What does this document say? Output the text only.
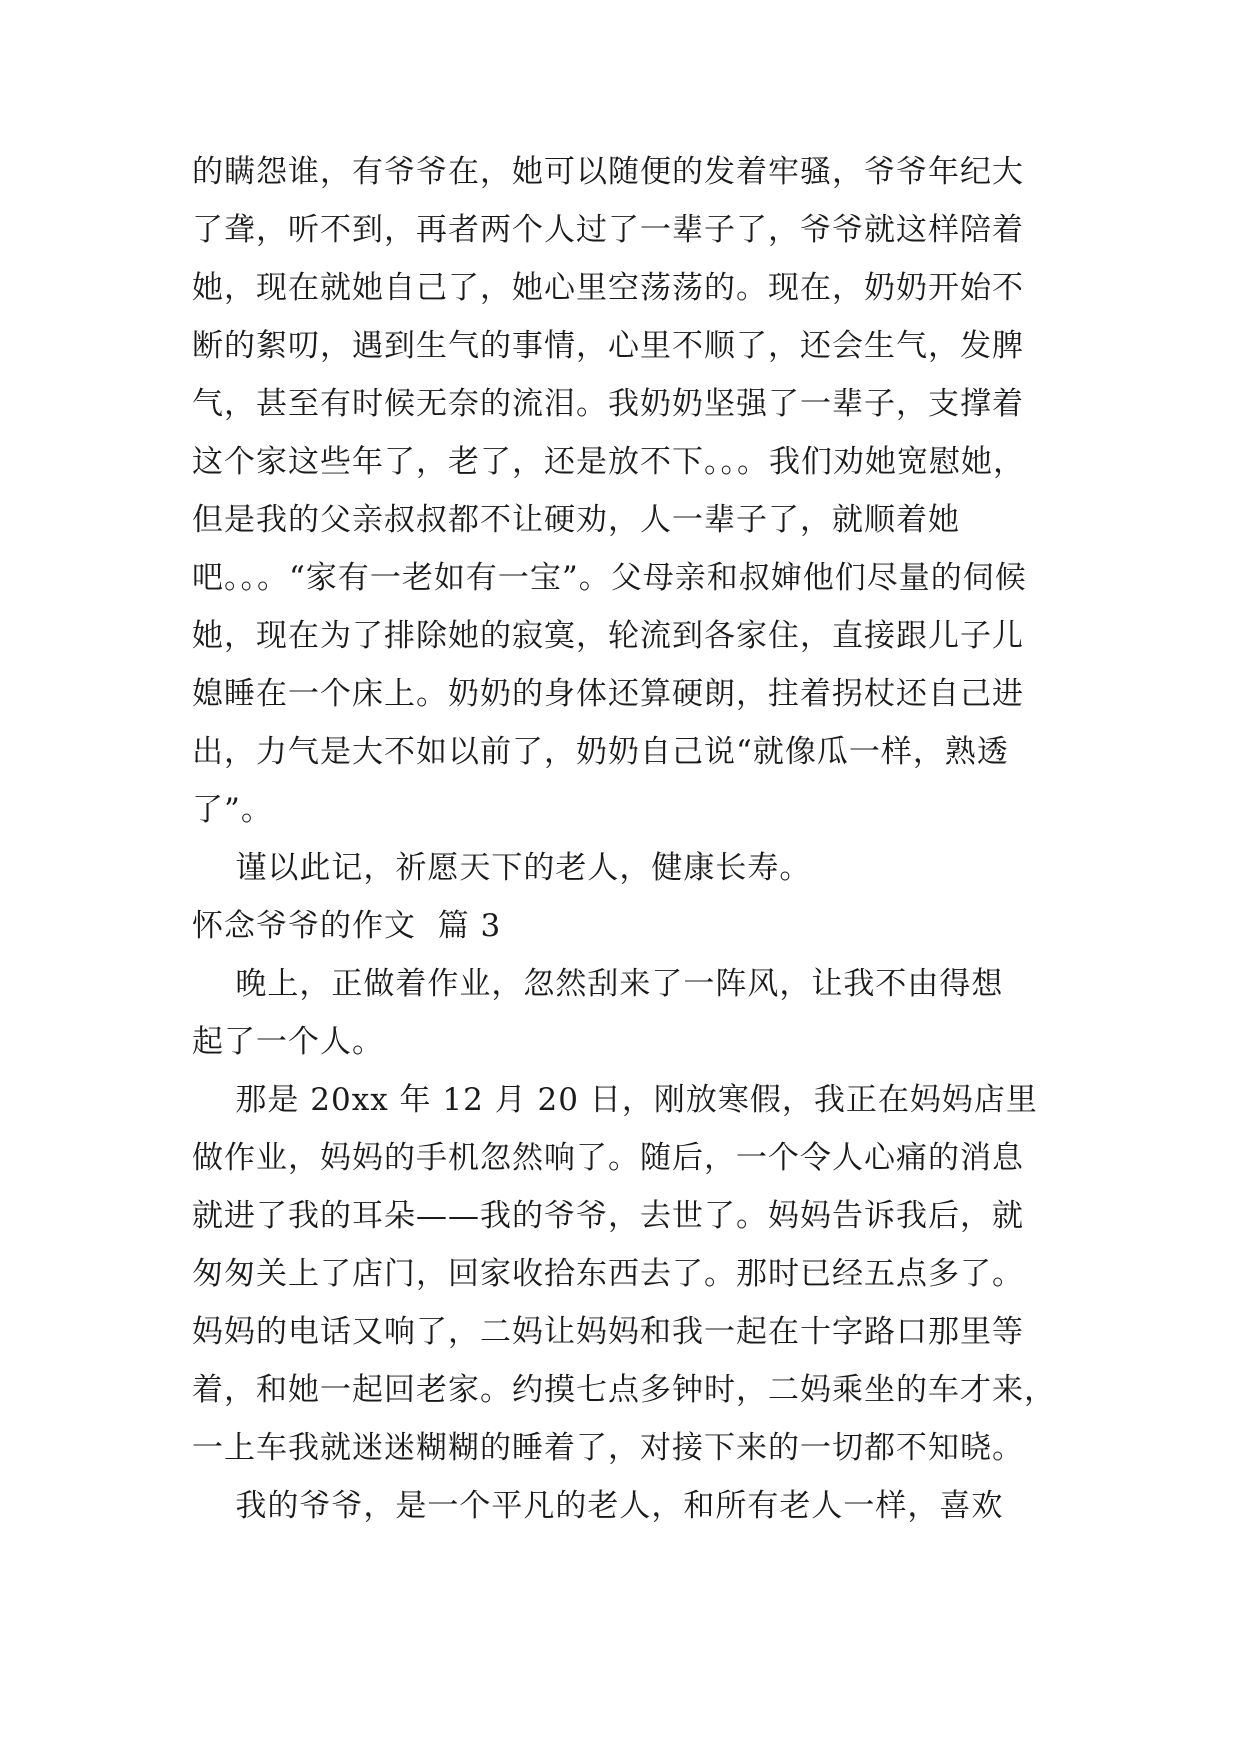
的瞒怨谁，有爷爷在，她可以随便的发着牢骚，爷爷年纪大
了聋，听不到，再者两个人过了一辈子了，爷爷就这样陪着
她，现在就她自己了，她心里空荡荡的。现在，奶奶开始不
断的絮叨，遇到生气的事情，心里不顺了，还会生气，发脾
气，甚至有时候无奈的流泪。我奶奶坚强了一辈子，支撑着
这个家这些年了，老了，还是放不下。。。我们劝她宽慰她，
但是我的父亲叔叔都不让硬劝，人一辈子了，就顺着她
吧。。。“家有一老如有一宝”。父母亲和叔婶他们尽量的伺候
她，现在为了排除她的寂寞，轮流到各家住，直接跟儿子儿
媳睡在一个床上。奶奶的身体还算硬朗，拄着拐杖还自己进
出，力气是大不如以前了，奶奶自己说“就像瓜一样，熟透
了”。
谨以此记，祈愿天下的老人，健康长寿。
怀念爷爷的作文  篇 3
晚上，正做着作业，忽然刮来了一阵风，让我不由得想
起了一个人。
那是 20xx 年 12 月 20 日，刚放寒假，我正在妈妈店里
做作业，妈妈的手机忽然响了。随后，一个令人心痛的消息
就进了我的耳朵——我的爷爷，去世了。妈妈告诉我后，就
匆匆关上了店门，回家收拾东西去了。那时已经五点多了。
妈妈的电话又响了，二妈让妈妈和我一起在十字路口那里等
着，和她一起回老家。约摸七点多钟时，二妈乘坐的车才来，
一上车我就迷迷糊糊的睡着了，对接下来的一切都不知晓。
我的爷爷，是一个平凡的老人，和所有老人一样，喜欢
